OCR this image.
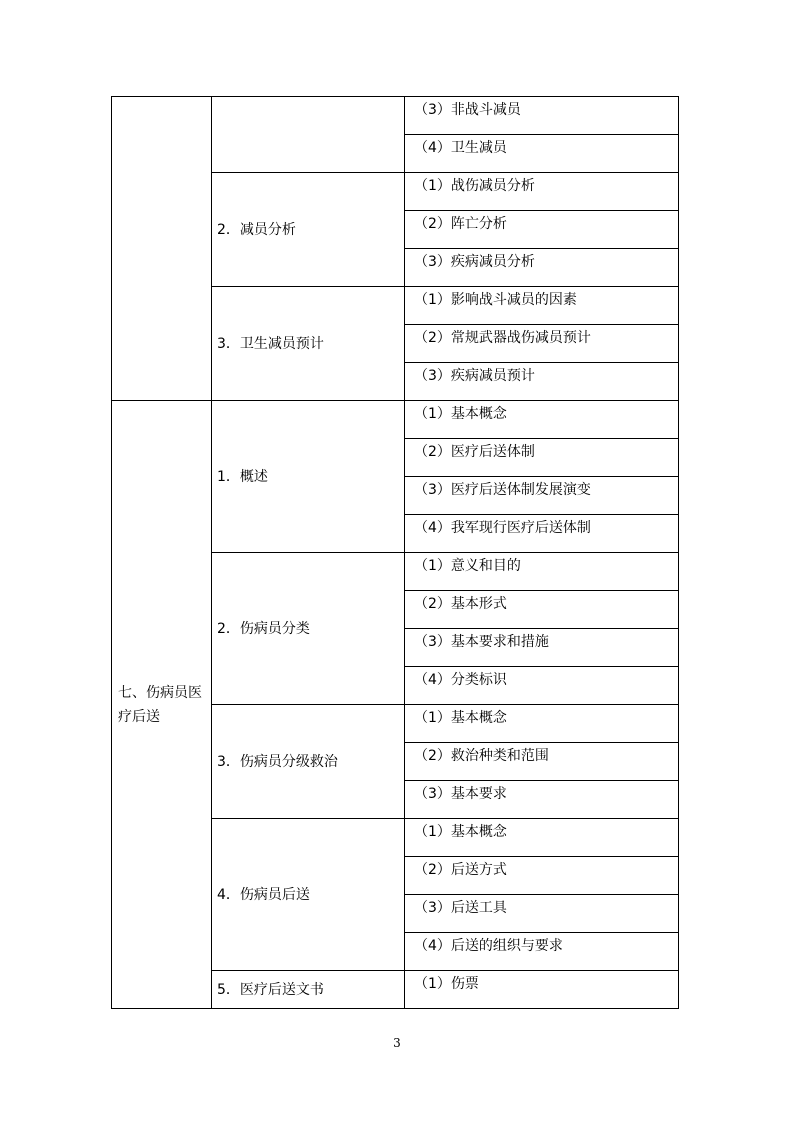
		（3）非战斗减员
		（4）卫生减员
	2．减员分析	（1）战伤减员分析
		（2）阵亡分析
		（3）疾病减员分析
	3．卫生减员预计	（1）影响战斗减员的因素
		（2）常规武器战伤减员预计
		（3）疾病减员预计
七、伤病员医疗后送	1．概述	（1）基本概念
		（2）医疗后送体制
		（3）医疗后送体制发展演变
		（4）我军现行医疗后送体制
	2．伤病员分类	（1）意义和目的
		（2）基本形式
		（3）基本要求和措施
		（4）分类标识
	3．伤病员分级救治	（1）基本概念
		（2）救治种类和范围
		（3）基本要求
	4．伤病员后送	（1）基本概念
		（2）后送方式
		（3）后送工具
		（4）后送的组织与要求
	5．医疗后送文书	（1）伤票
3
